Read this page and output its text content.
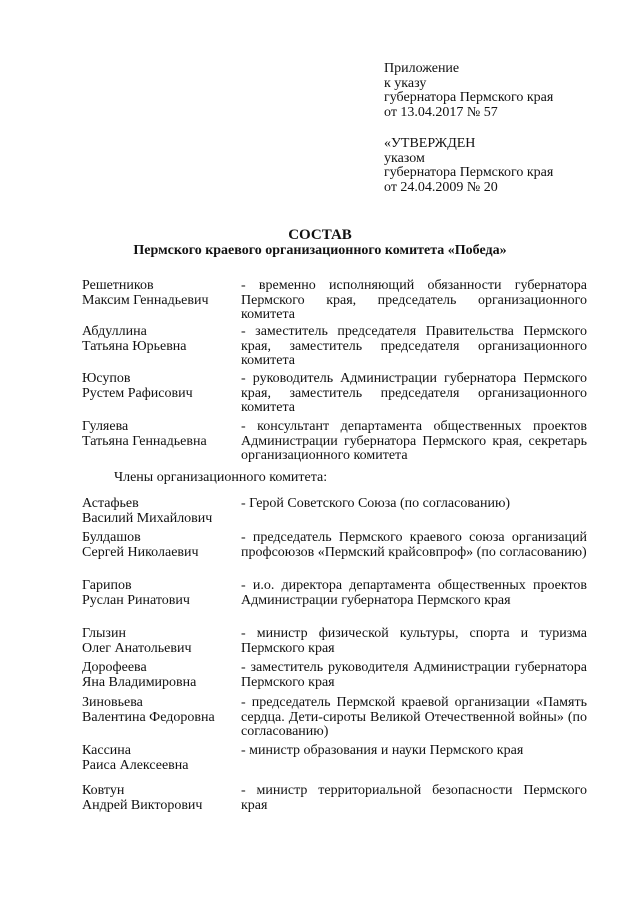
Приложение
к указу
губернатора Пермского края
от 13.04.2017 № 57
«УТВЕРЖДЕН
указом
губернатора Пермского края
от 24.04.2009 № 20
СОСТАВ
Пермского краевого организационного комитета «Победа»
Решетников
Максим Геннадьевич
- временно исполняющий обязанности губернатора Пермского края, председатель организационного комитета
Абдуллина
Татьяна Юрьевна
- заместитель председателя Правительства Пермского края, заместитель председателя организационного комитета
Юсупов
Рустем Рафисович
- руководитель Администрации губернатора Пермского края, заместитель председателя организационного комитета
Гуляева
Татьяна Геннадьевна
- консультант департамента общественных проектов Администрации губернатора Пермского края, секретарь организационного комитета
Члены организационного комитета:
Астафьев
Василий Михайлович
- Герой Советского Союза (по согласованию)
Булдашов
Сергей Николаевич
- председатель Пермского краевого союза организаций профсоюзов «Пермский крайсовпроф» (по согласованию)
Гарипов
Руслан Ринатович
- и.о. директора департамента общественных проектов Администрации губернатора Пермского края
Глызин
Олег Анатольевич
- министр физической культуры, спорта и туризма Пермского края
Дорофеева
Яна Владимировна
- заместитель руководителя Администрации губернатора Пермского края
Зиновьева
Валентина Федоровна
- председатель Пермской краевой организации «Память сердца. Дети-сироты Великой Отечественной войны» (по согласованию)
Кассина
Раиса Алексеевна
- министр образования и науки Пермского края
Ковтун
Андрей Викторович
- министр территориальной безопасности Пермского края
